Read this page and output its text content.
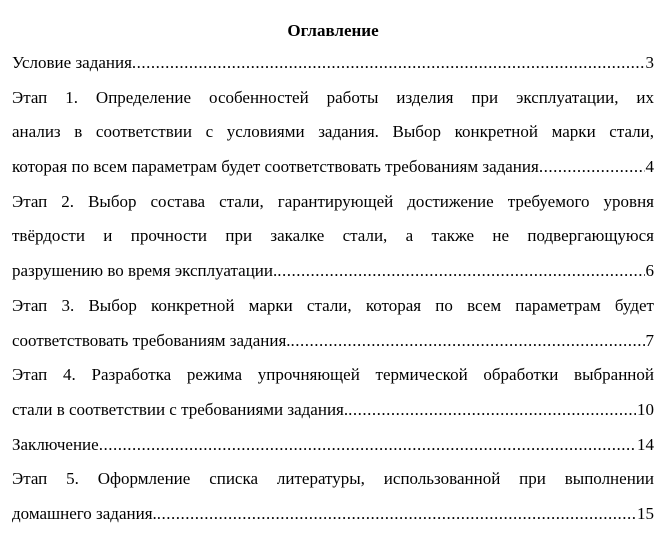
Оглавление
Условие задания .....	3
Этап 1. Определение особенностей работы изделия при эксплуатации, их
анализ в соответствии с условиями задания. Выбор конкретной марки стали,
которая по всем параметрам будет соответствовать требованиям задания .....	4
Этап 2. Выбор состава стали, гарантирующей достижение требуемого уровня
твёрдости и прочности при закалке стали, а также не подвергающуюся
разрушению во время эксплуатации. .....	6
Этап 3. Выбор конкретной марки стали, которая по всем параметрам будет
соответствовать требованиям задания. .....	7
Этап 4. Разработка режима упрочняющей термической обработки выбранной
стали в соответствии с требованиями задания. .....	10
Заключение .....	14
Этап 5. Оформление списка литературы, использованной при выполнении
домашнего задания. .....	15
